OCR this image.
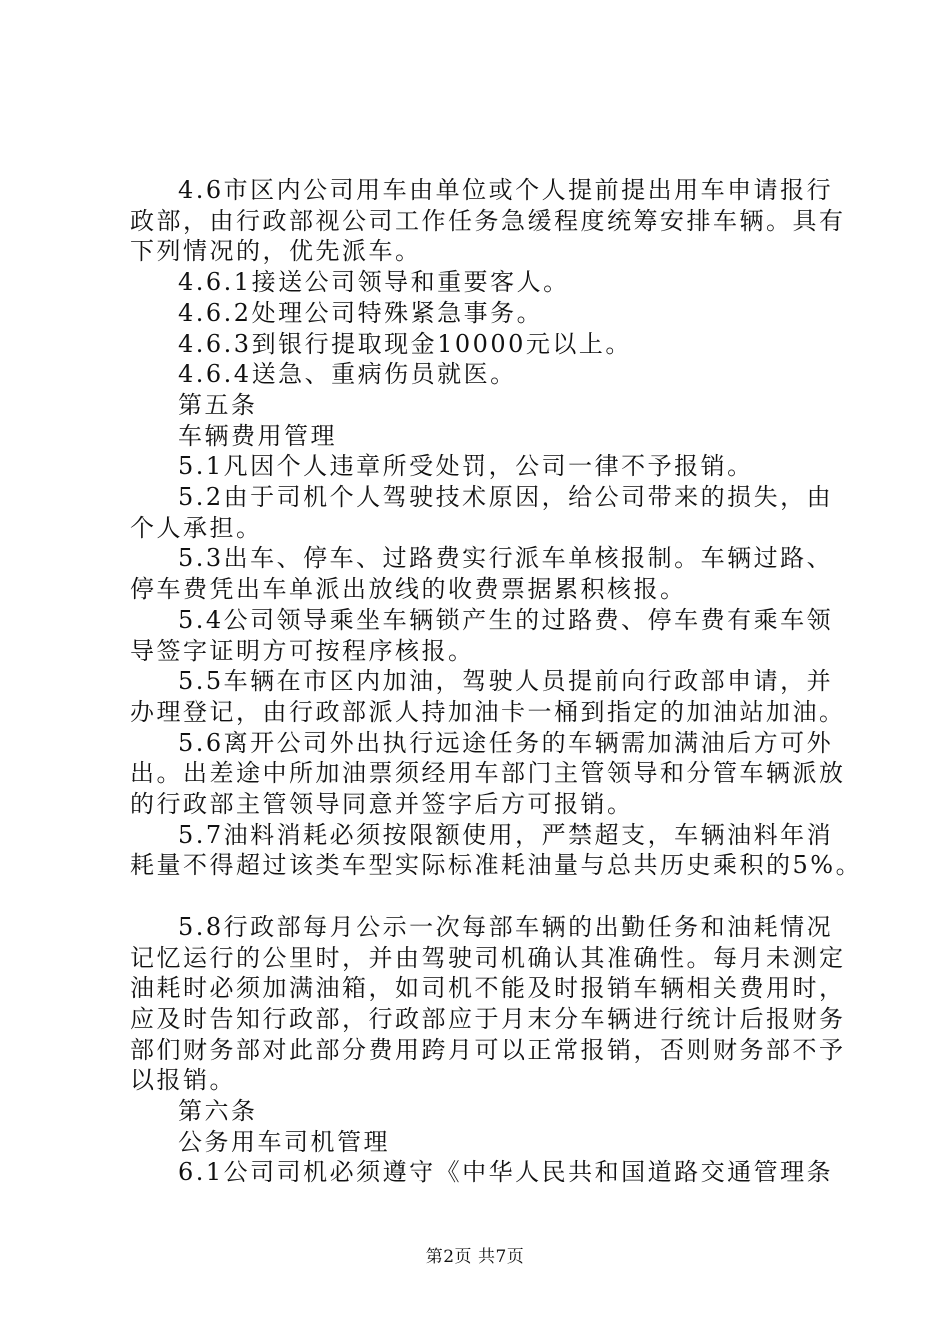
4.6市区内公司用车由单位或个人提前提出用车申请报行

政部，由行政部视公司工作任务急缓程度统筹安排车辆。具有

下列情况的，优先派车。

4.6.1接送公司领导和重要客人。

4.6.2处理公司特殊紧急事务。

4.6.3到银行提取现金10000元以上。

4.6.4送急、重病伤员就医。

第五条

车辆费用管理

5.1凡因个人违章所受处罚，公司一律不予报销。

5.2由于司机个人驾驶技术原因，给公司带来的损失，由

个人承担。

5.3出车、停车、过路费实行派车单核报制。车辆过路、

停车费凭出车单派出放线的收费票据累积核报。

5.4公司领导乘坐车辆锁产生的过路费、停车费有乘车领

导签字证明方可按程序核报。

5.5车辆在市区内加油，驾驶人员提前向行政部申请，并

办理登记，由行政部派人持加油卡一桶到指定的加油站加油。

5.6离开公司外出执行远途任务的车辆需加满油后方可外

出。出差途中所加油票须经用车部门主管领导和分管车辆派放

的行政部主管领导同意并签字后方可报销。

5.7油料消耗必须按限额使用，严禁超支，车辆油料年消

耗量不得超过该类车型实际标准耗油量与总共历史乘积的5%。

5.8行政部每月公示一次每部车辆的出勤任务和油耗情况

记忆运行的公里时，并由驾驶司机确认其准确性。每月未测定

油耗时必须加满油箱，如司机不能及时报销车辆相关费用时，

应及时告知行政部，行政部应于月末分车辆进行统计后报财务

部们财务部对此部分费用跨月可以正常报销，否则财务部不予

以报销。

第六条

公务用车司机管理

6.1公司司机必须遵守《中华人民共和国道路交通管理条

第2页 共7页
